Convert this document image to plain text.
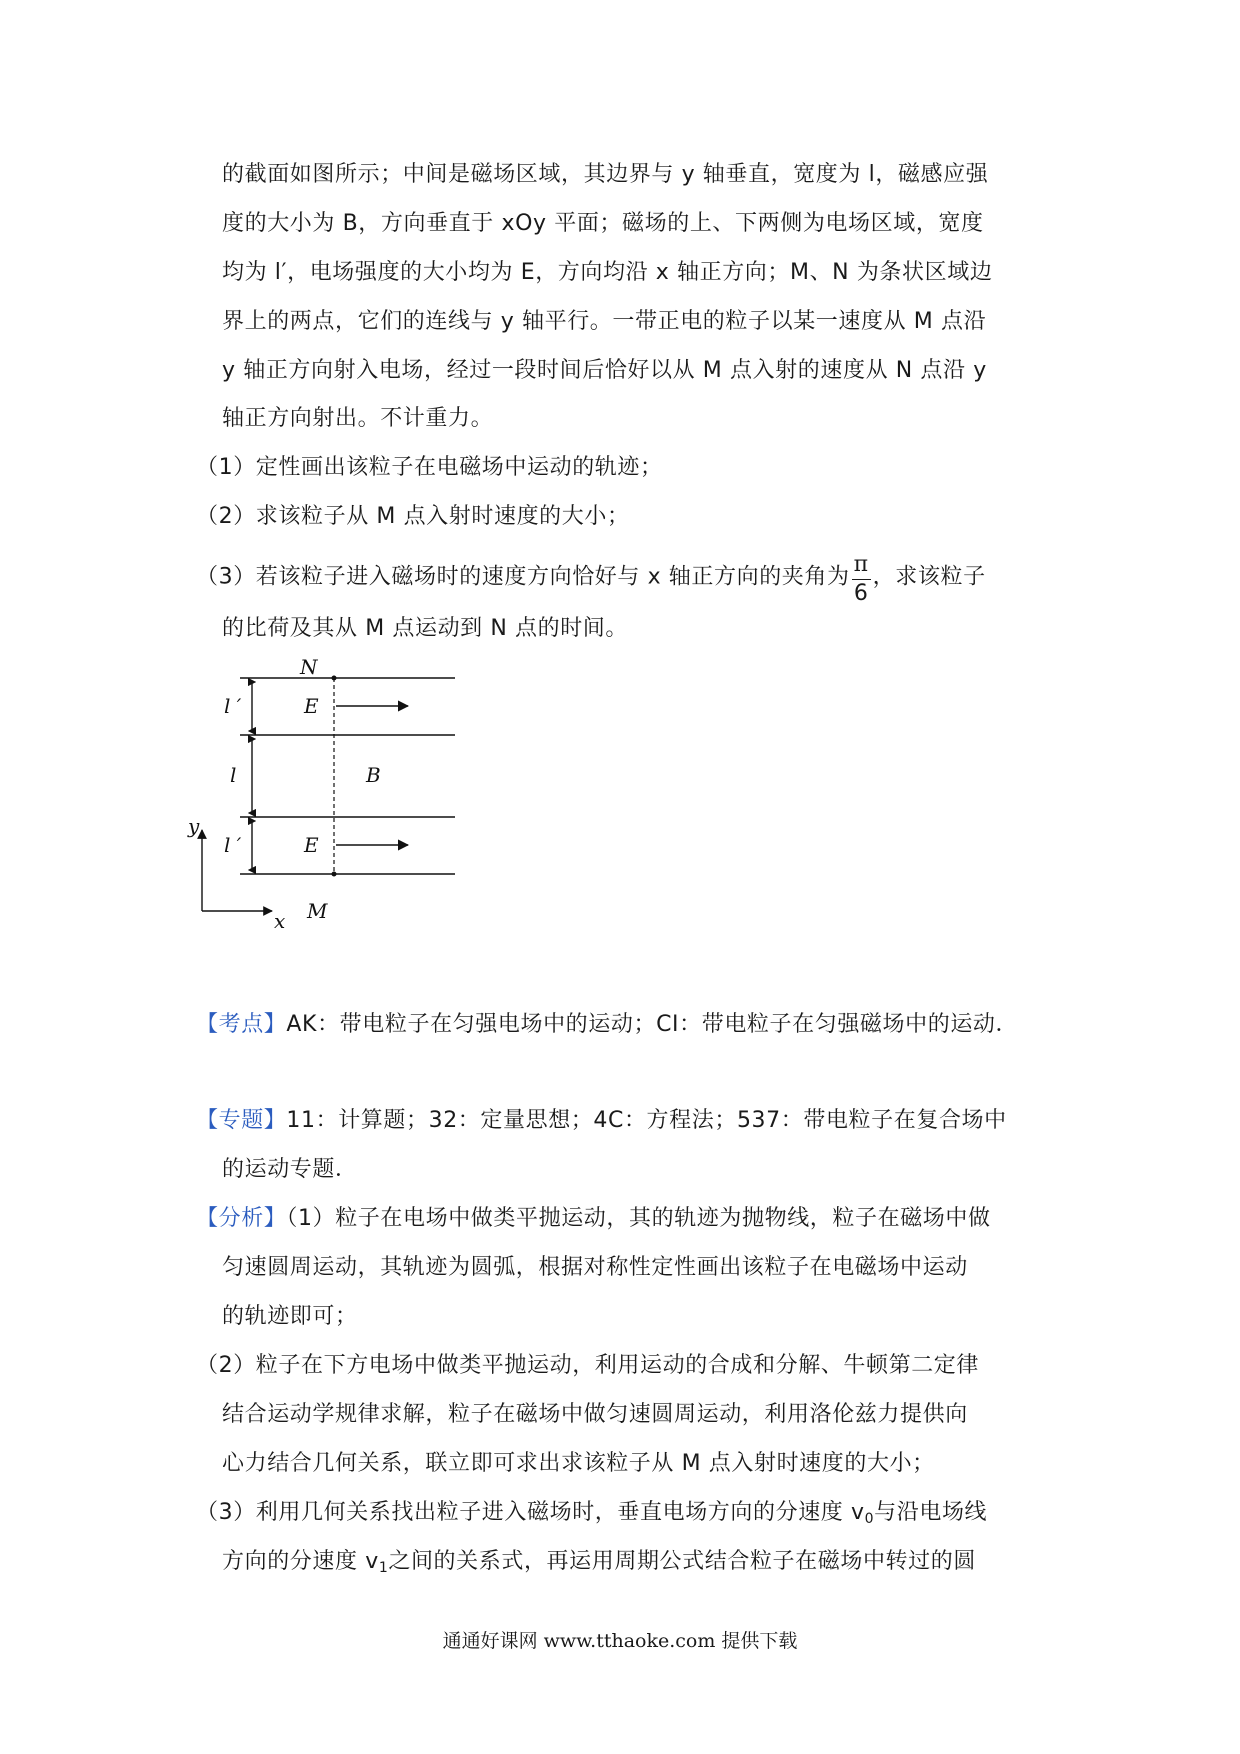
的截面如图所示；中间是磁场区域，其边界与 y 轴垂直，宽度为 l，磁感应强
度的大小为 B，方向垂直于 xOy 平面；磁场的上、下两侧为电场区域，宽度
均为 l′，电场强度的大小均为 E，方向均沿 x 轴正方向；M、N 为条状区域边
界上的两点，它们的连线与 y 轴平行。一带正电的粒子以某一速度从 M 点沿
y 轴正方向射入电场，经过一段时间后恰好以从 M 点入射的速度从 N 点沿 y
轴正方向射出。不计重力。
（1）定性画出该粒子在电磁场中运动的轨迹；
（2）求该粒子从 M 点入射时速度的大小；
（3）若该粒子进入磁场时的速度方向恰好与 x 轴正方向的夹角为 $\frac{\pi}{6}$ ，求该粒子
的比荷及其从 M 点运动到 N 点的时间。
N
M
E
E
B
l ′
l
l ′
y
x
【考点】AK：带电粒子在匀强电场中的运动；CI：带电粒子在匀强磁场中的运动．
【专题】11：计算题；32：定量思想；4C：方程法；537：带电粒子在复合场中
的运动专题．
【分析】（1）粒子在电场中做类平抛运动，其的轨迹为抛物线，粒子在磁场中做
匀速圆周运动，其轨迹为圆弧，根据对称性定性画出该粒子在电磁场中运动
的轨迹即可；
（2）粒子在下方电场中做类平抛运动，利用运动的合成和分解、牛顿第二定律
结合运动学规律求解，粒子在磁场中做匀速圆周运动，利用洛伦兹力提供向
心力结合几何关系，联立即可求出求该粒子从 M 点入射时速度的大小；
（3）利用几何关系找出粒子进入磁场时，垂直电场方向的分速度 $v_0$与沿电场线
方向的分速度 $v_1$之间的关系式，再运用周期公式结合粒子在磁场中转过的圆
通通好课网 www.tthaoke.com 提供下载
